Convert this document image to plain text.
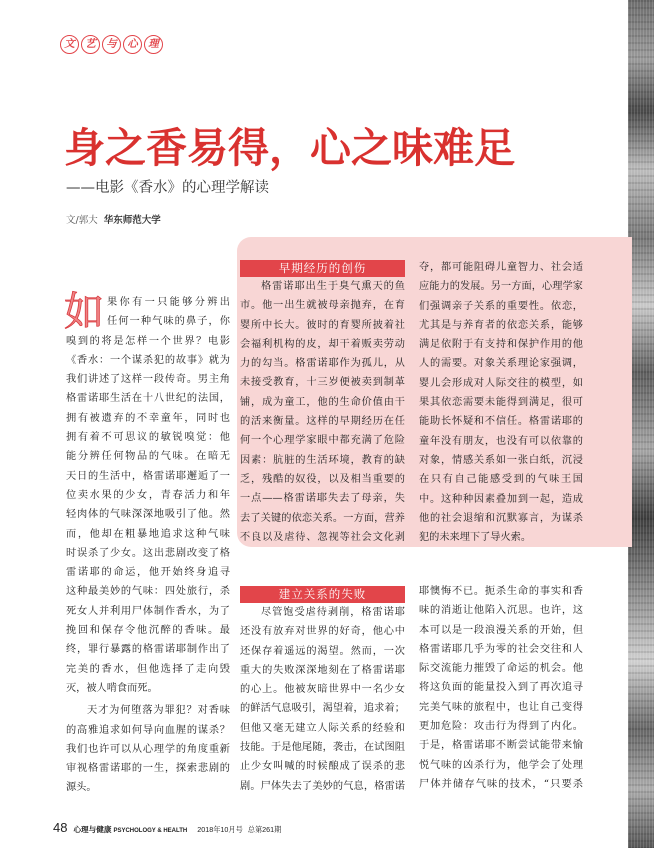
文	艺	与	心	理
身之香易得，心之味难足
——电影《香水》的心理学解读
文/郭大 华东师范大学
如 果你有一只能够分辨出
任何一种气味的鼻子，你
嗅到的将是怎样一个世界？电影
《香水：一个谋杀犯的故事》就为
我们讲述了这样一段传奇。男主角
格雷诺耶生活在十八世纪的法国，
拥有被遗弃的不幸童年，同时也
拥有着不可思议的敏锐嗅觉：他
能分辨任何物品的气味。在暗无
天日的生活中，格雷诺耶邂逅了一
位卖水果的少女，青春活力和年
轻肉体的气味深深地吸引了他。然
而，他却在粗暴地追求这种气味
时误杀了少女。这出悲剧改变了格
雷诺耶的命运，他开始终身追寻
这种最美妙的气味：四处旅行，杀
死女人并利用尸体制作香水，为了
挽回和保存令他沉醉的香味。最
终，罪行暴露的格雷诺耶制作出了
完美的香水，但他选择了走向毁
灭，被人啃食而死。
天才为何堕落为罪犯？对香味
的高雅追求如何导向血腥的谋杀？
我们也许可以从心理学的角度重新
审视格雷诺耶的一生，探索悲剧的
源头。
早期经历的创伤
格雷诺耶出生于臭气熏天的鱼
市。他一出生就被母亲抛弃，在育
婴所中长大。彼时的育婴所披着社
会福利机构的皮，却干着贩卖劳动
力的勾当。格雷诺耶作为孤儿，从
未接受教育，十三岁便被卖到制革
铺，成为童工，他的生命价值由干
的活来衡量。这样的早期经历在任
何一个心理学家眼中都充满了危险
因素：肮脏的生活环境，教育的缺
乏，残酷的奴役，以及相当重要的
一点——格雷诺耶失去了母亲，失
去了关键的依恋关系。一方面，营养
不良以及虐待、忽视等社会文化剥
夺，都可能阻碍儿童智力、社会适
应能力的发展。另一方面，心理学家
们强调亲子关系的重要性。依恋，
尤其是与养育者的依恋关系，能够
满足依附于有支持和保护作用的他
人的需要。对象关系理论家强调，
婴儿会形成对人际交往的模型，如
果其依恋需要未能得到满足，很可
能助长怀疑和不信任。格雷诺耶的
童年没有朋友，也没有可以依靠的
对象，情感关系如一张白纸，沉浸
在只有自己能感受到的气味王国
中。这种种因素叠加到一起，造成
他的社会退缩和沉默寡言，为谋杀
犯的未来埋下了导火索。
建立关系的失败
尽管饱受虐待剥削，格雷诺耶
还没有放弃对世界的好奇，他心中
还保存着遥远的渴望。然而，一次
重大的失败深深地刻在了格雷诺耶
的心上。他被灰暗世界中一名少女
的鲜活气息吸引，渴望着，追求着；
但他又毫无建立人际关系的经验和
技能。于是他尾随，袭击，在试图阻
止少女叫喊的时候酿成了误杀的悲
剧。尸体失去了美妙的气息，格雷诺
耶懊悔不已。扼杀生命的事实和香
味的消逝让他陷入沉思。也许，这
本可以是一段浪漫关系的开始，但
格雷诺耶几乎为零的社会交往和人
际交流能力摧毁了命运的机会。他
将这负面的能量投入到了再次追寻
完美气味的旅程中，也让自己变得
更加危险：攻击行为得到了内化。
于是，格雷诺耶不断尝试能带来愉
悦气味的凶杀行为，他学会了处理
尸体并储存气味的技术，“只要杀
48 心理与健康 PSYCHOLOGY & HEALTH 2018年10月号 总第261期
